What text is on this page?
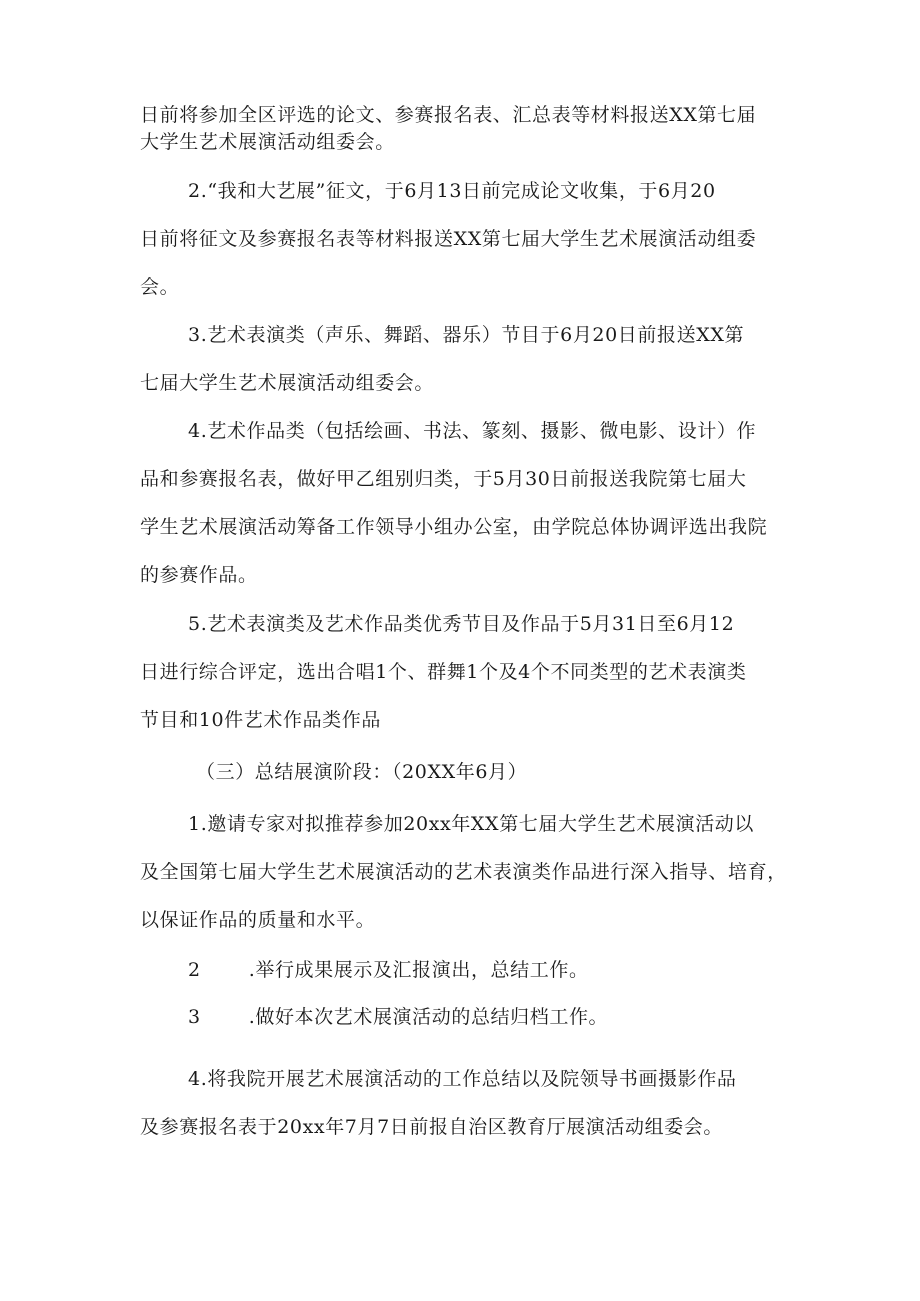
日前将参加全区评选的论文、参赛报名表、汇总表等材料报送XX第七届
大学生艺术展演活动组委会。
2.“我和大艺展”征文，于6月13日前完成论文收集，于6月20
日前将征文及参赛报名表等材料报送XX第七届大学生艺术展演活动组委
会。
3.艺术表演类（声乐、舞蹈、器乐）节目于6月20日前报送XX第
七届大学生艺术展演活动组委会。
4.艺术作品类（包括绘画、书法、篆刻、摄影、微电影、设计）作
品和参赛报名表，做好甲乙组别归类，于5月30日前报送我院第七届大
学生艺术展演活动筹备工作领导小组办公室，由学院总体协调评选出我院
的参赛作品。
5.艺术表演类及艺术作品类优秀节目及作品于5月31日至6月12
日进行综合评定，选出合唱1个、群舞1个及4个不同类型的艺术表演类
节目和10件艺术作品类作品
（三）总结展演阶段：（20XX年6月）
1.邀请专家对拟推荐参加20xx年XX第七届大学生艺术展演活动以
及全国第七届大学生艺术展演活动的艺术表演类作品进行深入指导、培育，
以保证作品的质量和水平。
2	.举行成果展示及汇报演出，总结工作。
3	.做好本次艺术展演活动的总结归档工作。
4.将我院开展艺术展演活动的工作总结以及院领导书画摄影作品
及参赛报名表于20xx年7月7日前报自治区教育厅展演活动组委会。
